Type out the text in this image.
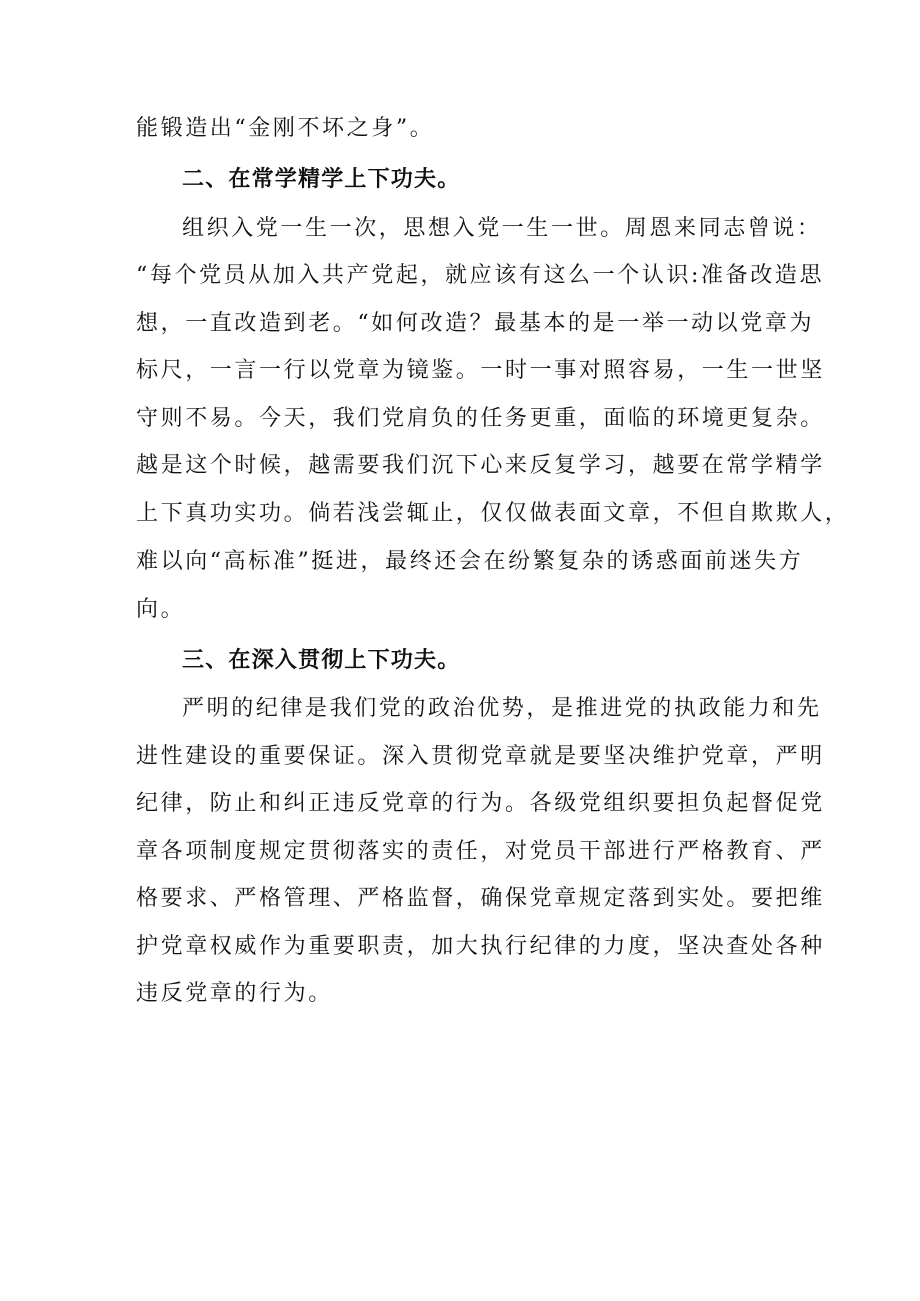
能锻造出“金刚不坏之身”。
二、在常学精学上下功夫。
组织入党一生一次，思想入党一生一世。周恩来同志曾说：
“每个党员从加入共产党起，就应该有这么一个认识:准备改造思
想，一直改造到老。“如何改造？最基本的是一举一动以党章为
标尺，一言一行以党章为镜鉴。一时一事对照容易，一生一世坚
守则不易。今天，我们党肩负的任务更重，面临的环境更复杂。
越是这个时候，越需要我们沉下心来反复学习，越要在常学精学
上下真功实功。倘若浅尝辄止，仅仅做表面文章，不但自欺欺人，
难以向“高标准”挺进，最终还会在纷繁复杂的诱惑面前迷失方
向。
三、在深入贯彻上下功夫。
严明的纪律是我们党的政治优势，是推进党的执政能力和先
进性建设的重要保证。深入贯彻党章就是要坚决维护党章，严明
纪律，防止和纠正违反党章的行为。各级党组织要担负起督促党
章各项制度规定贯彻落实的责任，对党员干部进行严格教育、严
格要求、严格管理、严格监督，确保党章规定落到实处。要把维
护党章权威作为重要职责，加大执行纪律的力度，坚决查处各种
违反党章的行为。
